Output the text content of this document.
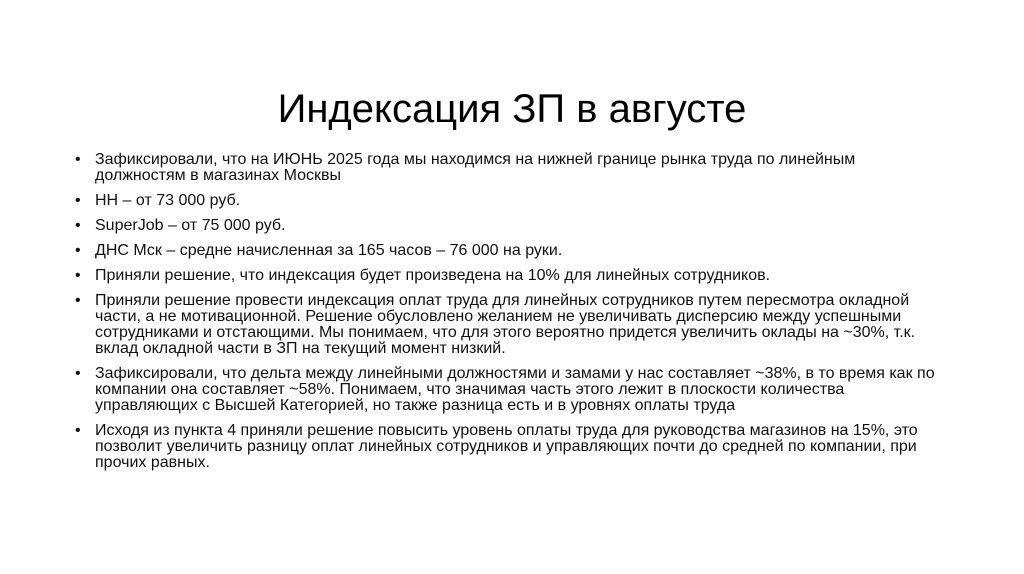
Индексация ЗП в августе
• Зафиксировали, что на ИЮНЬ 2025 года мы находимся на нижней границе рынка труда по линейным должностям в магазинах Москвы
• НН – от 73 000 руб.
• SuperJob – от 75 000 руб.
• ДНС Мск – средне начисленная за 165 часов – 76 000 на руки.
• Приняли решение, что индексация будет произведена на 10% для линейных сотрудников.
• Приняли решение провести индексация оплат труда для линейных сотрудников путем пересмотра окладной части, а не мотивационной. Решение обусловлено желанием не увеличивать дисперсию между успешными сотрудниками и отстающими. Мы понимаем, что для этого вероятно придется увеличить оклады на ~30%, т.к. вклад окладной части в ЗП на текущий момент низкий.
• Зафиксировали, что дельта между линейными должностями и замами у нас составляет ~38%, в то время как по компании она составляет ~58%. Понимаем, что значимая часть этого лежит в плоскости количества управляющих с Высшей Категорией, но также разница есть и в уровнях оплаты труда
• Исходя из пункта 4 приняли решение повысить уровень оплаты труда для руководства магазинов на 15%, это позволит увеличить разницу оплат линейных сотрудников и управляющих почти до средней по компании, при прочих равных.
